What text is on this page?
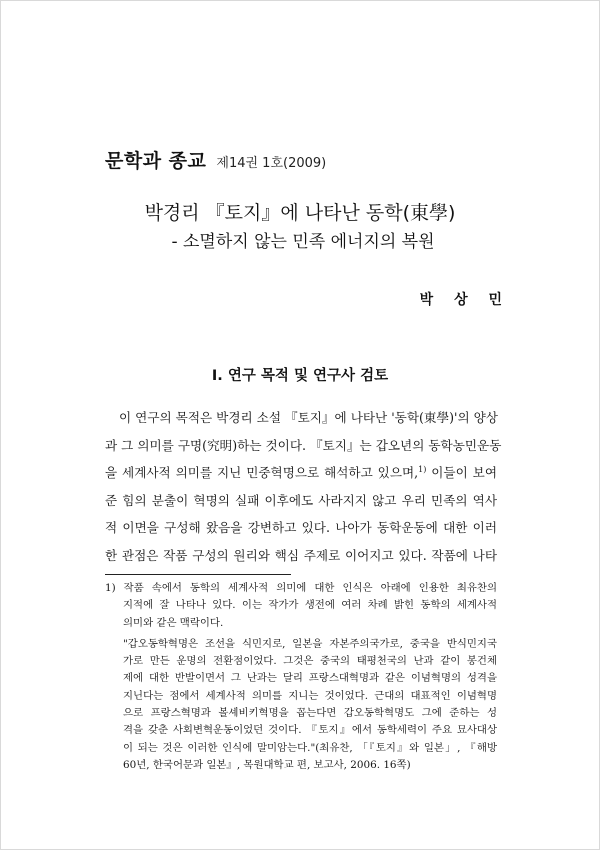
문학과 종교 제14권 1호(2009)

박경리 『토지』에 나타난 동학(東學)

- 소멸하지 않는 민족 에너지의 복원

박 상 민
I. 연구 목적 및 연구사 검토
이 연구의 목적은 박경리 소설 『토지』에 나타난 '동학(東學)'의 양상
과 그 의미를 구명(究明)하는 것이다. 『토지』는 갑오년의 동학농민운동
을 세계사적 의미를 지닌 민중혁명으로 해석하고 있으며,$^{1)}$ 이들이 보여
준 힘의 분출이 혁명의 실패 이후에도 사라지지 않고 우리 민족의 역사
적 이면을 구성해 왔음을 강변하고 있다. 나아가 동학운동에 대한 이러
한 관점은 작품 구성의 원리와 핵심 주제로 이어지고 있다. 작품에 나타
1) 작품 속에서 동학의 세계사적 의미에 대한 인식은 아래에 인용한 최유찬의
지적에 잘 나타나 있다. 이는 작가가 생전에 여러 차례 밝힌 동학의 세계사적
의미와 같은 맥락이다.
"갑오동학혁명은 조선을 식민지로, 일본을 자본주의국가로, 중국을 반식민지국
가로 만든 운명의 전환점이었다. 그것은 중국의 태평천국의 난과 같이 봉건체
제에 대한 반발이면서 그 난과는 달리 프랑스대혁명과 같은 이념혁명의 성격을
지닌다는 점에서 세계사적 의미를 지니는 것이었다. 근대의 대표적인 이념혁명
으로 프랑스혁명과 볼셰비키혁명을 꼽는다면 갑오동학혁명도 그에 준하는 성
격을 갖춘 사회변혁운동이었던 것이다. 『토지』에서 동학세력이 주요 묘사대상
이 되는 것은 이러한 인식에 말미암는다."(최유찬, 「『토지』와 일본」, 『해방
60년, 한국어문과 일본』, 목원대학교 편, 보고사, 2006. 16쪽)
